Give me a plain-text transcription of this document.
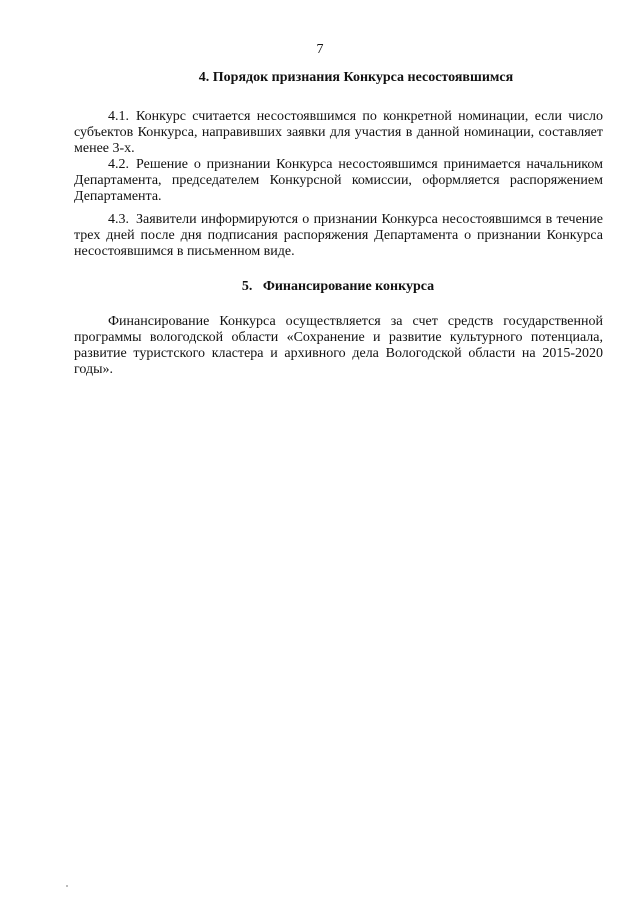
7
4. Порядок признания Конкурса несостоявшимся

4.1. Конкурс считается несостоявшимся по конкретной номинации, если число субъектов Конкурса, направивших заявки для участия в данной номинации, составляет менее 3-х.

4.2. Решение о признании Конкурса несостоявшимся принимается начальником Департамента, председателем Конкурсной комиссии, оформляется распоряжением Департамента.

4.3. Заявители информируются о признании Конкурса несостоявшимся в течение трех дней после дня подписания распоряжения Департамента о признании Конкурса несостоявшимся в письменном виде.

5.   Финансирование конкурса

Финансирование Конкурса осуществляется за счет средств государственной программы вологодской области «Сохранение и развитие культурного потенциала, развитие туристского кластера и архивного дела Вологодской области на 2015-2020 годы».
